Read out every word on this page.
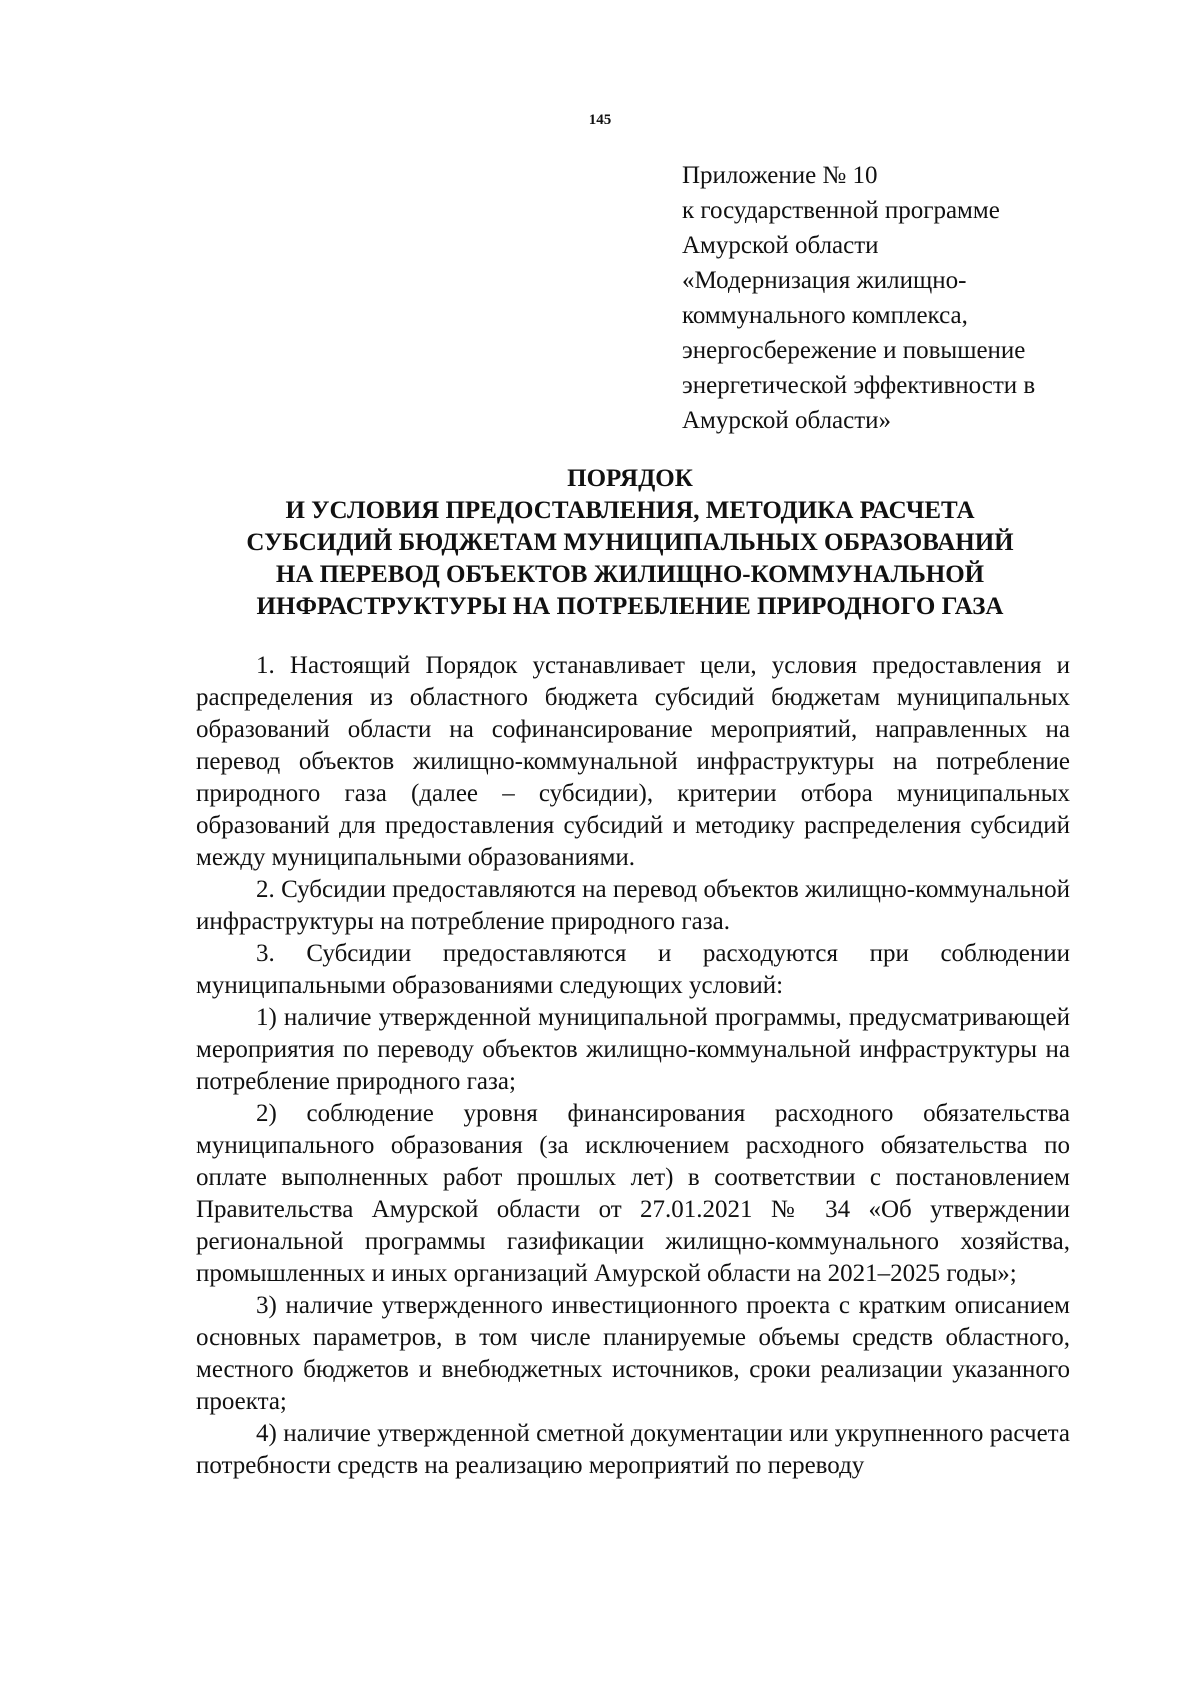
145
Приложение № 10
к государственной программе
Амурской области
«Модернизация жилищно-
коммунального комплекса,
энергосбережение и повышение
энергетической эффективности в
Амурской области»
ПОРЯДОК
И УСЛОВИЯ ПРЕДОСТАВЛЕНИЯ, МЕТОДИКА РАСЧЕТА
СУБСИДИЙ БЮДЖЕТАМ МУНИЦИПАЛЬНЫХ ОБРАЗОВАНИЙ
НА ПЕРЕВОД ОБЪЕКТОВ ЖИЛИЩНО-КОММУНАЛЬНОЙ
ИНФРАСТРУКТУРЫ НА ПОТРЕБЛЕНИЕ ПРИРОДНОГО ГАЗА

1. Настоящий Порядок устанавливает цели, условия предоставления и распределения из областного бюджета субсидий бюджетам муниципальных образований области на софинансирование мероприятий, направленных на перевод объектов жилищно-коммунальной инфраструктуры на потребление природного газа (далее – субсидии), критерии отбора муниципальных образований для предоставления субсидий и методику распределения субсидий между муниципальными образованиями.

2. Субсидии предоставляются на перевод объектов жилищно-коммунальной инфраструктуры на потребление природного газа.

3. Субсидии предоставляются и расходуются при соблюдении муниципальными образованиями следующих условий:

1) наличие утвержденной муниципальной программы, предусматривающей мероприятия по переводу объектов жилищно-коммунальной инфраструктуры на потребление природного газа;

2) соблюдение уровня финансирования расходного обязательства муниципального образования (за исключением расходного обязательства по оплате выполненных работ прошлых лет) в соответствии с постановлением Правительства Амурской области от 27.01.2021 № 34 «Об утверждении региональной программы газификации жилищно-коммунального хозяйства, промышленных и иных организаций Амурской области на 2021–2025 годы»;

3) наличие утвержденного инвестиционного проекта с кратким описанием основных параметров, в том числе планируемые объемы средств областного, местного бюджетов и внебюджетных источников, сроки реализации указанного проекта;

4) наличие утвержденной сметной документации или укрупненного расчета потребности средств на реализацию мероприятий по переводу
